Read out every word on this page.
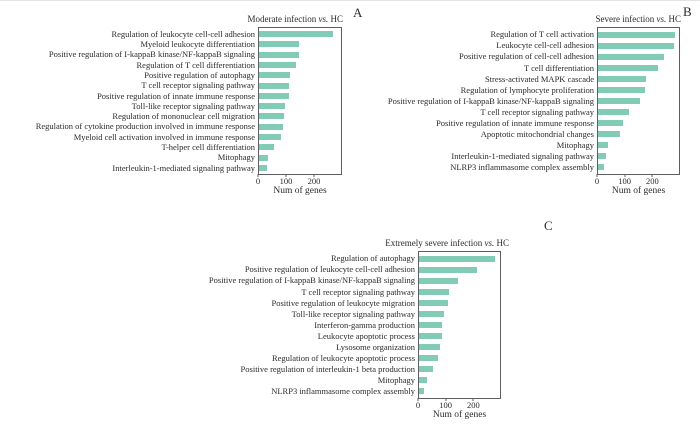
A	B
C
Moderate infection vs. HC
Regulation of leukocyte cell-cell adhesion
Myeloid leukocyte differentiation
Positive regulation of I-kappaB kinase/NF-kappaB signaling
Regulation of T cell differentiation
Positive regulation of autophagy
T cell receptor signaling pathway
Positive regulation of innate immune response
Toll-like receptor signaling pathway
Regulation of mononuclear cell migration
Regulation of cytokine production involved in immune response
Myeloid cell activation involved in immune response
T-helper cell differentiation
Mitophagy
Interleukin-1-mediated signaling pathway
0 100 200
Num of genes
Severe infection vs. HC
Regulation of T cell activation
Leukocyte cell-cell adhesion
Positive regulation of cell-cell adhesion
T cell differentiation
Stress-activated MAPK cascade
Regulation of lymphocyte proliferation
Positive regulation of I-kappaB kinase/NF-kappaB signaling
T cell receptor signaling pathway
Positive regulation of innate immune response
Apoptotic mitochondrial changes
Mitophagy
Interleukin-1-mediated signaling pathway
NLRP3 inflammasome complex assembly
0 100 200
Num of genes
Extremely severe infection vs. HC
Regulation of autophagy
Positive regulation of leukocyte cell-cell adhesion
Positive regulation of I-kappaB kinase/NF-kappaB signaling
T cell receptor signaling pathway
Positive regulation of leukocyte migration
Toll-like receptor signaling pathway
Interferon-gamma production
Leukocyte apoptotic process
Lysosome organization
Regulation of leukocyte apoptotic process
Positive regulation of interleukin-1 beta production
Mitophagy
NLRP3 inflammasome complex assembly
0 100 200
Num of genes
